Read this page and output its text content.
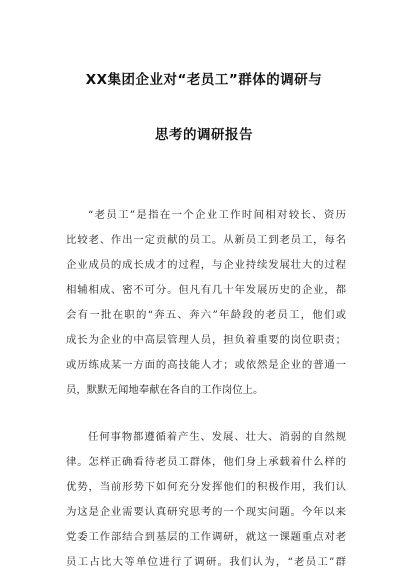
XX集团企业对“老员工”群体的调研与
思考的调研报告
“老员工”是指在一个企业工作时间相对较长、资历
比较老、作出一定贡献的员工。从新员工到老员工，每名
企业成员的成长成才的过程，与企业持续发展壮大的过程
相辅相成、密不可分。但凡有几十年发展历史的企业，都
会有一批在职的“奔五、奔六”年龄段的老员工，他们或
成长为企业的中高层管理人员，担负着重要的岗位职责；
或历练成某一方面的高技能人才；或依然是企业的普通一
员，默默无闻地奉献在各自的工作岗位上。
任何事物都遵循着产生、发展、壮大、消弱的自然规
律。怎样正确看待老员工群体，他们身上承载着什么样的
优势，当前形势下如何充分发挥他们的积极作用，我们认
为这是企业需要认真研究思考的一个现实问题。今年以来
党委工作部结合到基层的工作调研，就这一课题重点对老
员工占比大等单位进行了调研。我们认为，“老员工”群
